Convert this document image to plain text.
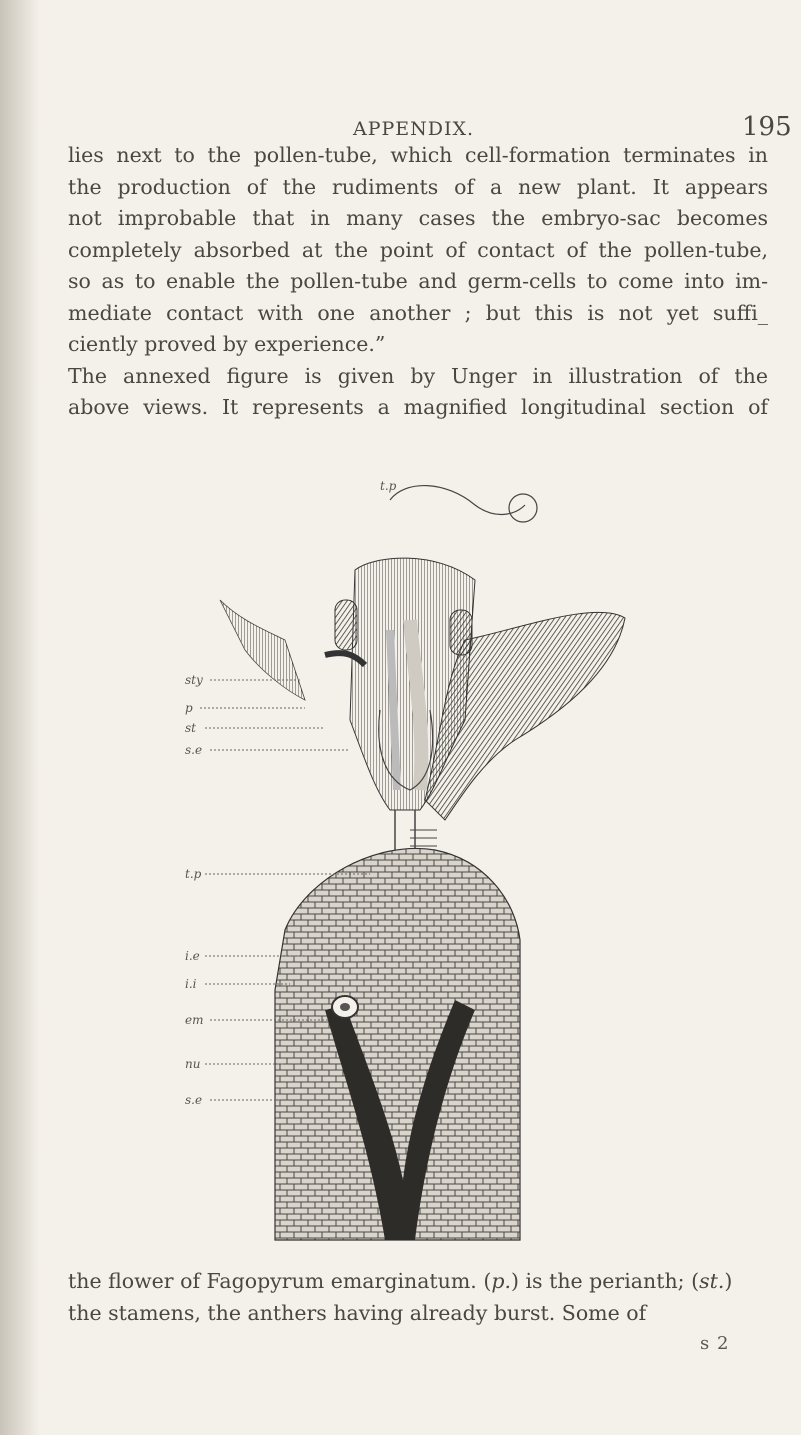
APPENDIX.	195
lies next to the pollen-tube, which cell-formation terminates in
the production of the rudiments of a new plant. It appears
not improbable that in many cases the embryo-sac becomes
completely absorbed at the point of contact of the pollen-tube,
so as to enable the pollen-tube and germ-cells to come into im-
mediate contact with one another ; but this is not yet suffi_
ciently proved by experience.”
The annexed figure is given by Unger in illustration of the
above views. It represents a magnified longitudinal section of
t.p
sty
p
st
s.e
t.p
i.e
i.i
em
nu
s.e
the flower of Fagopyrum emarginatum. (p.) is the perianth; (st.) the stamens, the anthers having already burst. Some of
s 2
